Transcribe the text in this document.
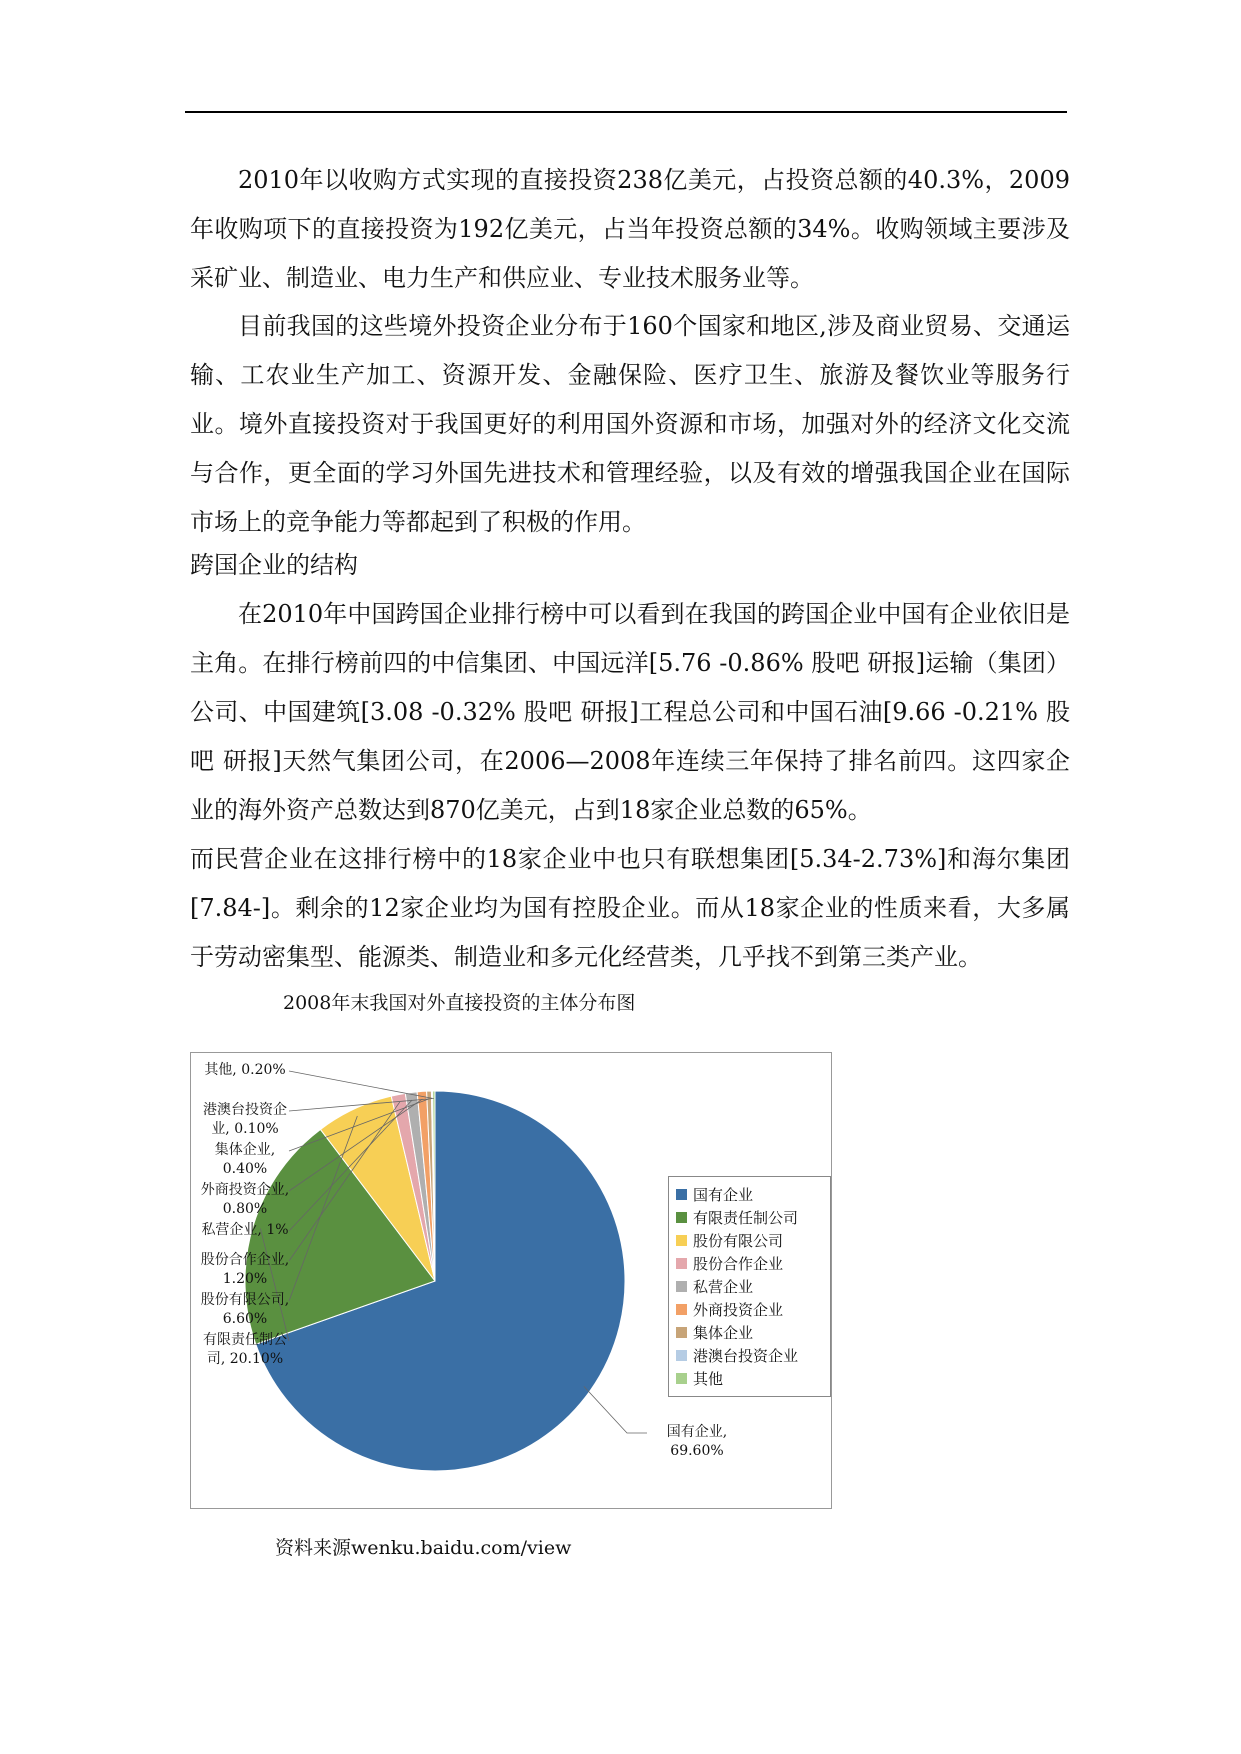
2010年以收购方式实现的直接投资238亿美元，占投资总额的40.3%，2009年收购项下的直接投资为192亿美元，占当年投资总额的34%。收购领域主要涉及采矿业、制造业、电力生产和供应业、专业技术服务业等。

目前我国的这些境外投资企业分布于160个国家和地区,涉及商业贸易、交通运输、工农业生产加工、资源开发、金融保险、医疗卫生、旅游及餐饮业等服务行业。境外直接投资对于我国更好的利用国外资源和市场，加强对外的经济文化交流与合作，更全面的学习外国先进技术和管理经验，以及有效的增强我国企业在国际市场上的竞争能力等都起到了积极的作用。

跨国企业的结构

在2010年中国跨国企业排行榜中可以看到在我国的跨国企业中国有企业依旧是主角。在排行榜前四的中信集团、中国远洋[5.76 -0.86% 股吧 研报]运输（集团）公司、中国建筑[3.08 -0.32% 股吧 研报]工程总公司和中国石油[9.66 -0.21% 股吧 研报]天然气集团公司，在2006—2008年连续三年保持了排名前四。这四家企业的海外资产总数达到870亿美元，占到18家企业总数的65%。

而民营企业在这排行榜中的18家企业中也只有联想集团[5.34-2.73%]和海尔集团[7.84-]。剩余的12家企业均为国有控股企业。而从18家企业的性质来看，大多属于劳动密集型、能源类、制造业和多元化经营类，几乎找不到第三类产业。

2008年末我国对外直接投资的主体分布图
国有企业,
69.60%
有限责任制公
司, 20.10%
股份有限公司,
6.60%
股份合作企业,
1.20%
私营企业, 1%
外商投资企业,
0.80%
集体企业,
0.40%
港澳台投资企
业, 0.10%
其他, 0.20%
国有企业
有限责任制公司
股份有限公司
股份合作企业
私营企业
外商投资企业
集体企业
港澳台投资企业
其他
资料来源wenku.baidu.com/view
